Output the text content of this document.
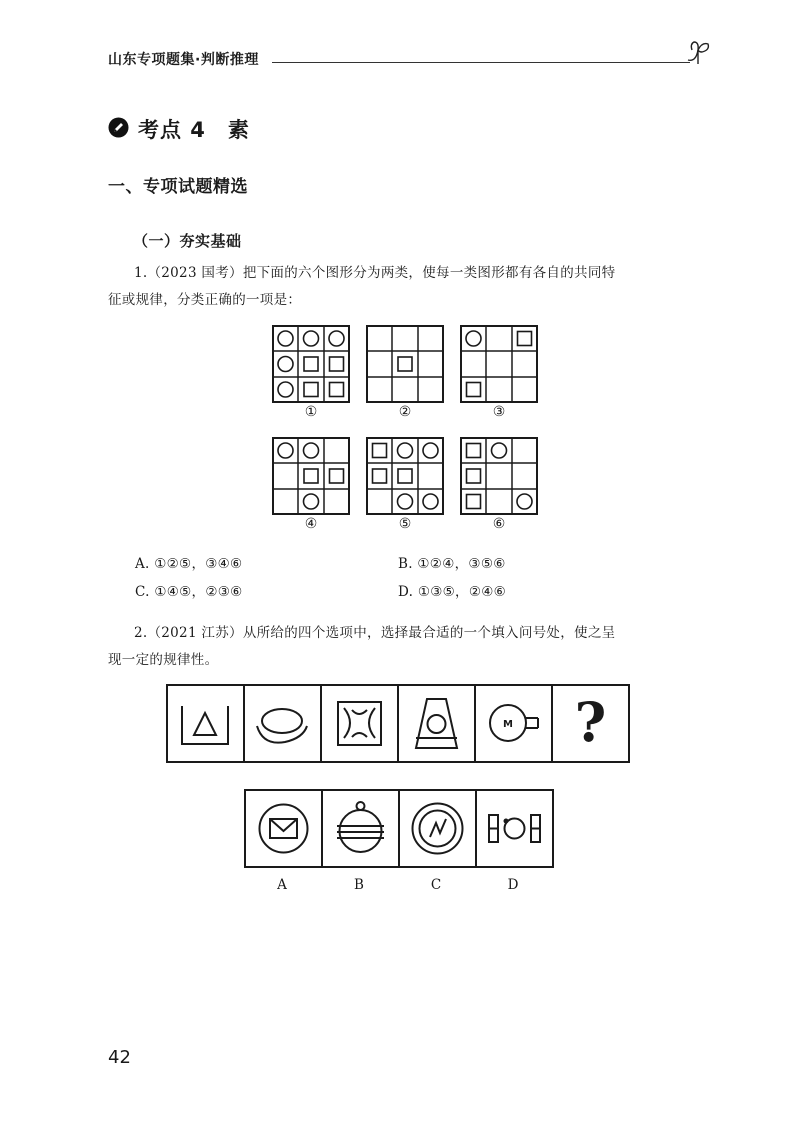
山东专项题集·判断推理
考点 4　素
一、专项试题精选
（一）夯实基础
1.（2023 国考）把下面的六个图形分为两类，使每一类图形都有各自的共同特
征或规律，分类正确的一项是：
①	②	③
④	⑤	⑥
A. ①②⑤，③④⑥	B. ①②④，③⑤⑥
C. ①④⑤，②③⑥	D. ①③⑤，②④⑥
2.（2021 江苏）从所给的四个选项中，选择最合适的一个填入问号处，使之呈
现一定的规律性。
M	?
A	B	C	D
42
